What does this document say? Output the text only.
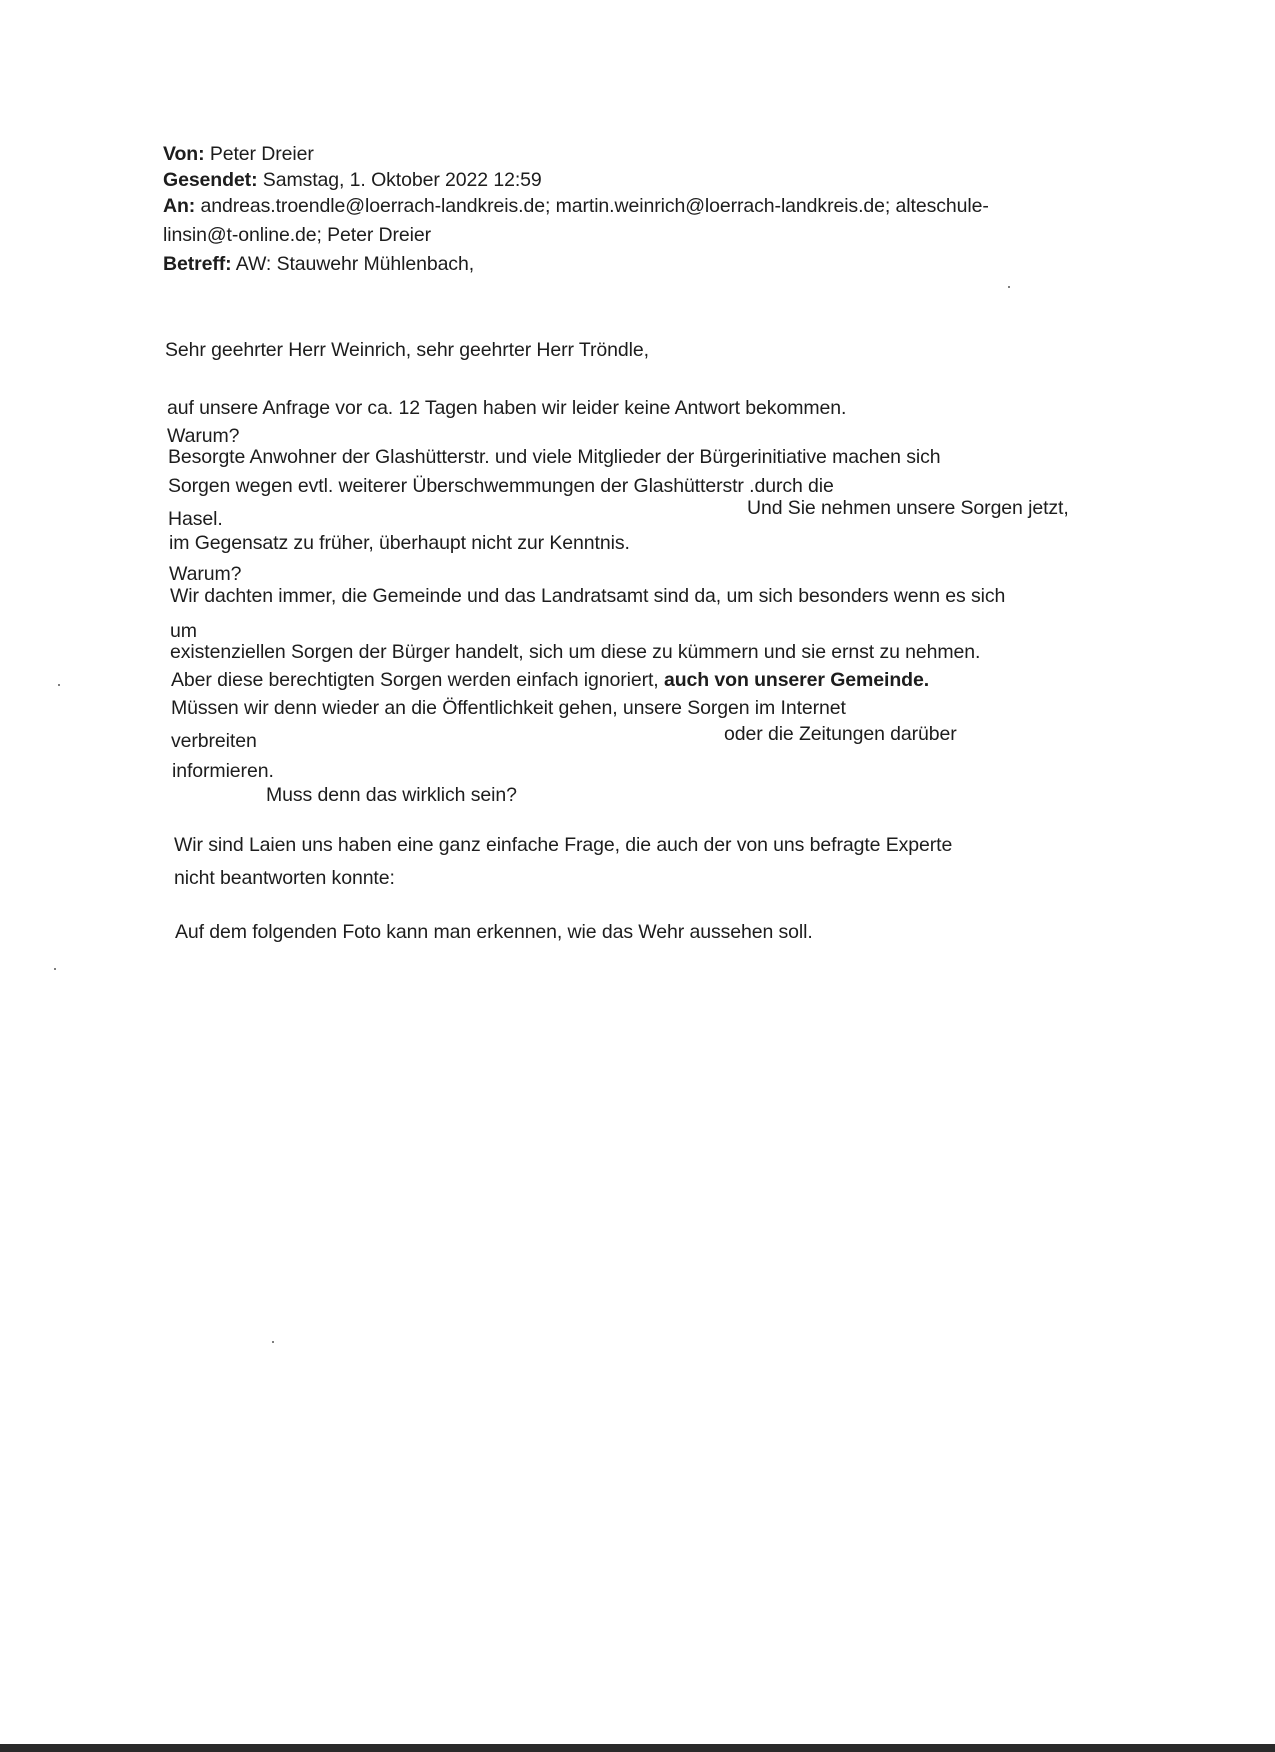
Von: Peter Dreier
Gesendet: Samstag, 1. Oktober 2022 12:59
An: andreas.troendle@loerrach-landkreis.de; martin.weinrich@loerrach-landkreis.de; alteschule-
linsin@t-online.de; Peter Dreier
Betreff: AW: Stauwehr Mühlenbach,
Sehr geehrter Herr Weinrich, sehr geehrter Herr Tröndle,
auf unsere Anfrage vor ca. 12 Tagen haben wir leider keine Antwort bekommen.
Warum?
Besorgte Anwohner der Glashütterstr. und viele Mitglieder der Bürgerinitiative machen sich
Sorgen wegen evtl. weiterer Überschwemmungen der Glashütterstr .durch die
Hasel.	Und Sie nehmen unsere Sorgen jetzt,
im Gegensatz zu früher, überhaupt nicht zur Kenntnis.
Warum?
Wir dachten immer, die Gemeinde und das Landratsamt sind da, um sich besonders wenn es sich
um
existenziellen Sorgen der Bürger handelt, sich um diese zu kümmern und sie ernst zu nehmen.
Aber diese berechtigten Sorgen werden einfach ignoriert, auch von unserer Gemeinde.
Müssen wir denn wieder an die Öffentlichkeit gehen, unsere Sorgen im Internet
verbreiten	oder die Zeitungen darüber
informieren.
Muss denn das wirklich sein?
Wir sind Laien uns haben eine ganz einfache Frage, die auch der von uns befragte Experte
nicht beantworten konnte:
Auf dem folgenden Foto kann man erkennen, wie das Wehr aussehen soll.
